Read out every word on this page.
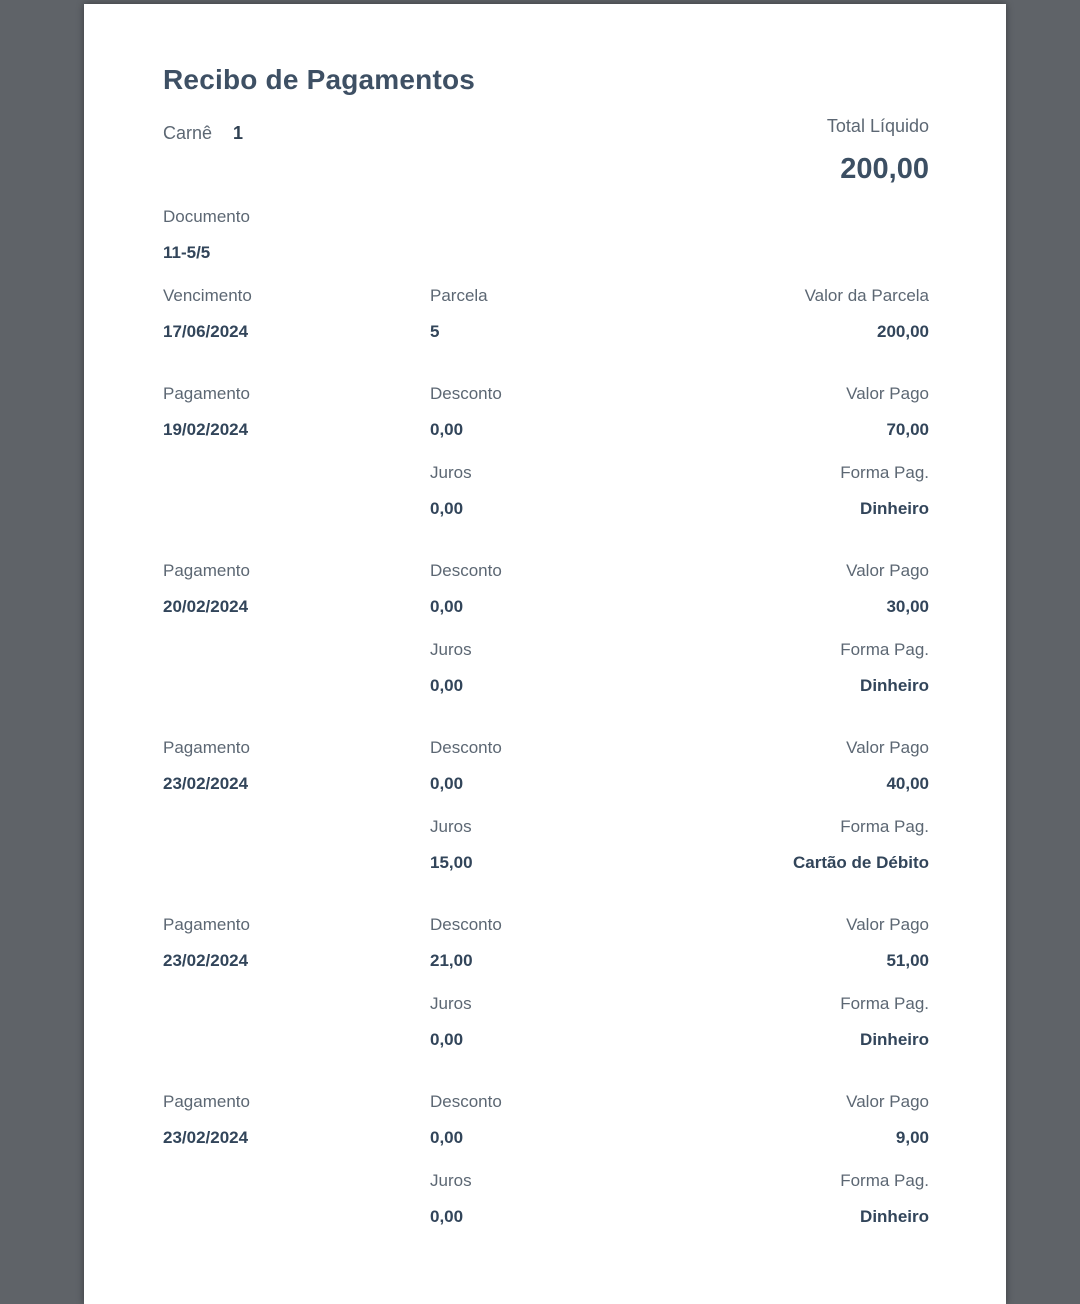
Recibo de Pagamentos
Carnê 1	Total Líquido
200,00
Documento
11-5/5
Vencimento
17/06/2024
Parcela
5
Valor da Parcela
200,00
Pagamento
19/02/2024
Desconto
0,00
Valor Pago
70,00
Juros
0,00
Forma Pag.
Dinheiro
Pagamento
20/02/2024
Desconto
0,00
Valor Pago
30,00
Juros
0,00
Forma Pag.
Dinheiro
Pagamento
23/02/2024
Desconto
0,00
Valor Pago
40,00
Juros
15,00
Forma Pag.
Cartão de Débito
Pagamento
23/02/2024
Desconto
21,00
Valor Pago
51,00
Juros
0,00
Forma Pag.
Dinheiro
Pagamento
23/02/2024
Desconto
0,00
Valor Pago
9,00
Juros
0,00
Forma Pag.
Dinheiro
